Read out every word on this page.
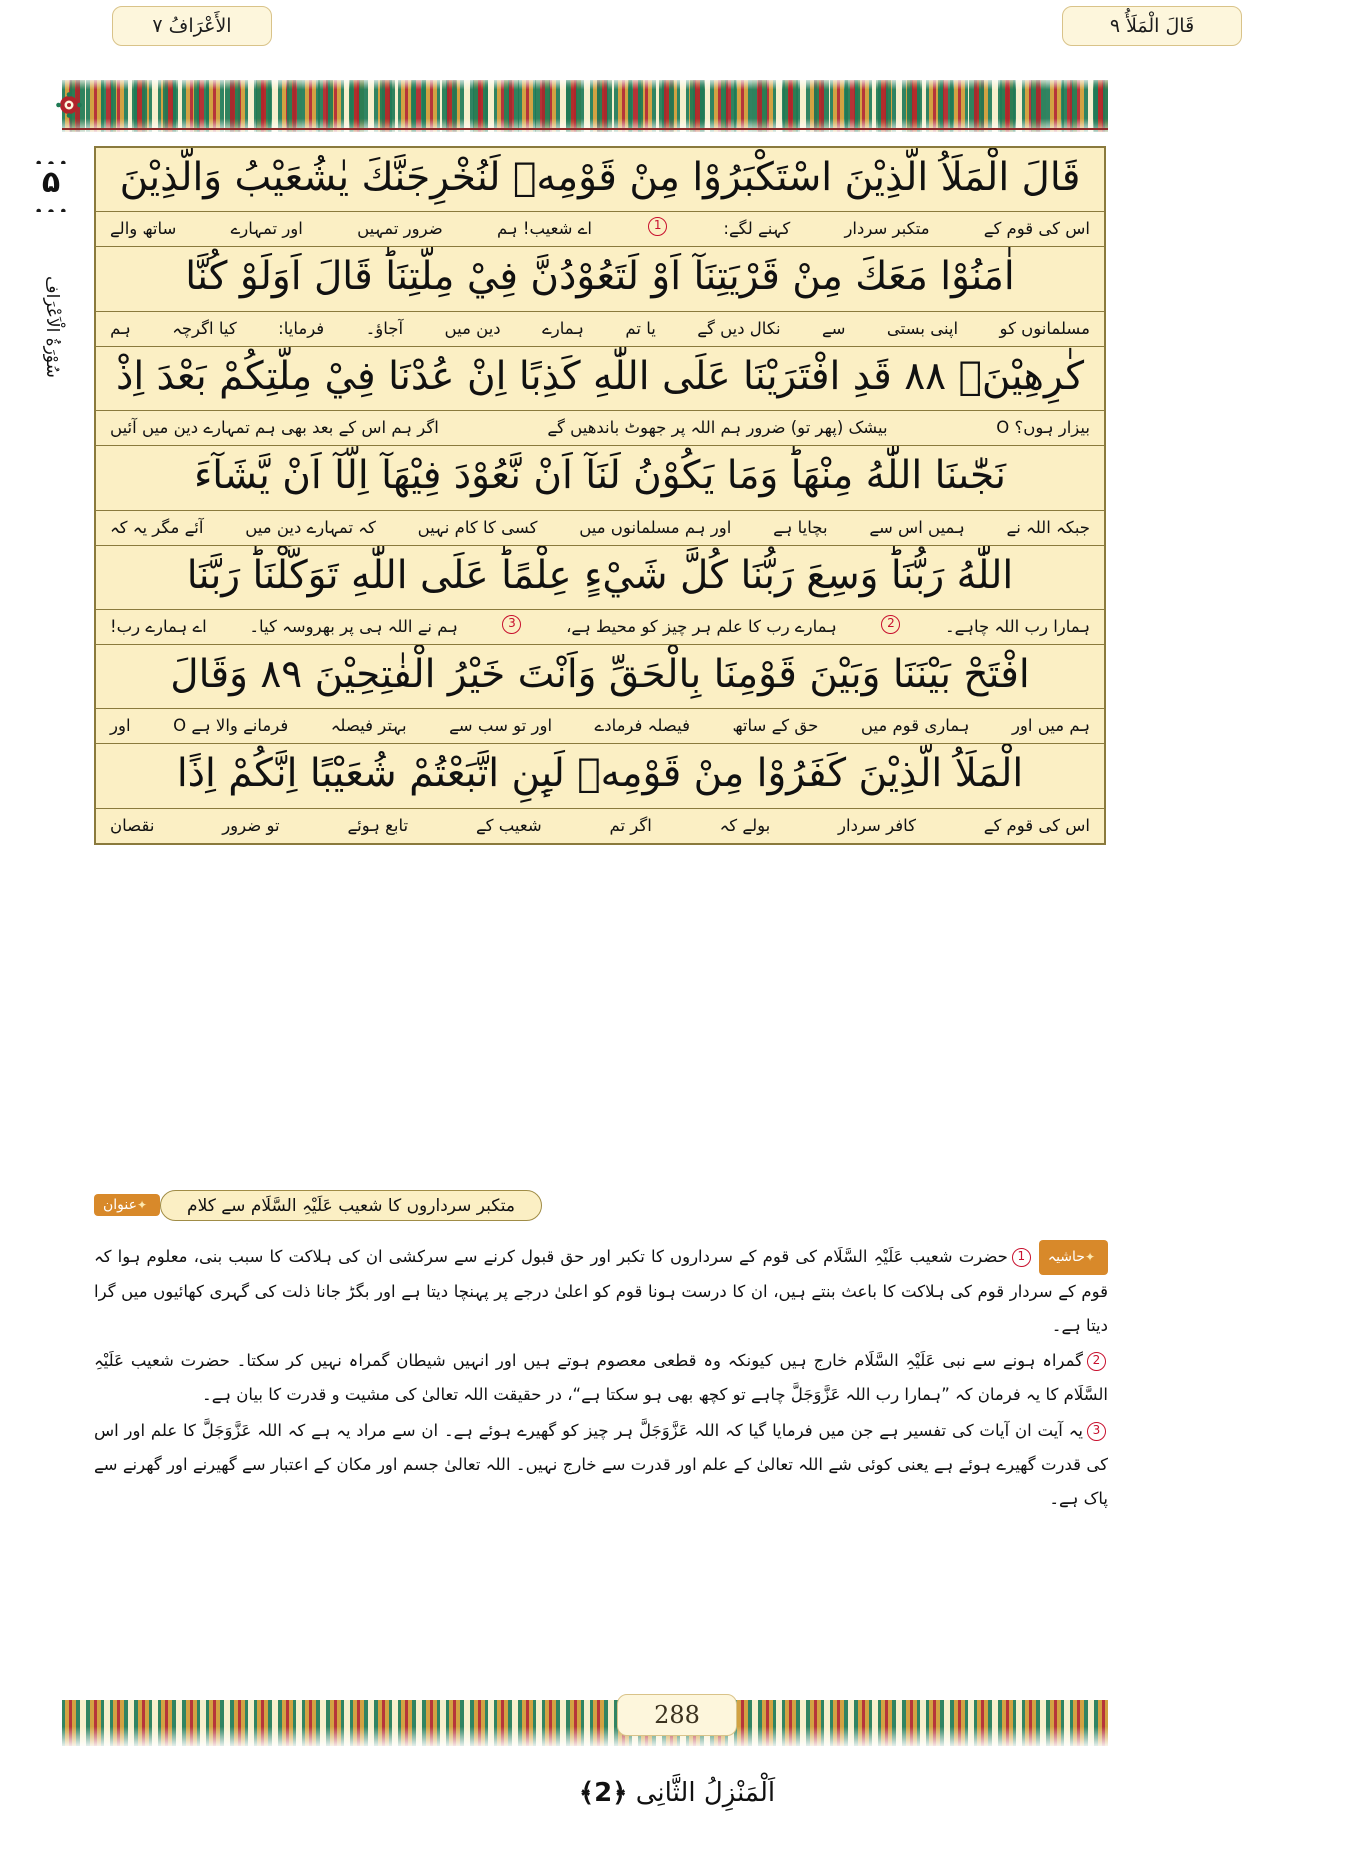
الأَعْرَافُ ٧	قَالَ الْمَلَأُ ٩
۵
سُوْرَةُ الْاَعْرَاف
قَالَ الْمَلَاُ الَّذِيْنَ اسْتَكْبَرُوْا مِنْ قَوْمِهٖ لَنُخْرِجَنَّكَ يٰشُعَيْبُ وَالَّذِيْنَ
اس کی قوم کے
متکبر سردار
کہنے لگے:
1
اے شعیب! ہم
ضرور تمہیں
اور تمہارے
ساتھ والے
اٰمَنُوْا مَعَكَ مِنْ قَرْيَتِنَآ اَوْ لَتَعُوْدُنَّ فِيْ مِلَّتِنَاؕ قَالَ اَوَلَوْ كُنَّا
مسلمانوں کو
اپنی بستی
سے
نکال دیں گے
یا تم
ہمارے
دین میں
آجاؤ۔
فرمایا:
کیا اگرچہ
ہم
كٰرِهِيْنَ۠ ۸۸ قَدِ افْتَرَيْنَا عَلَى اللّٰهِ كَذِبًا اِنْ عُدْنَا فِيْ مِلَّتِكُمْ بَعْدَ اِذْ
بیزار ہوں؟ O
بیشک (پھر تو) ضرور ہم اللہ پر جھوٹ باندھیں گے
اگر ہم اس کے بعد بھی ہم تمہارے دین میں آئیں
نَجّٰىنَا اللّٰهُ مِنْهَاؕ وَمَا يَكُوْنُ لَنَآ اَنْ نَّعُوْدَ فِيْهَآ اِلَّآ اَنْ يَّشَآءَ
جبکہ اللہ نے
ہمیں اس سے
بچایا ہے
اور ہم مسلمانوں میں
کسی کا کام نہیں
کہ تمہارے دین میں
آئے مگر یہ کہ
اللّٰهُ رَبُّنَاؕ وَسِعَ رَبُّنَا كُلَّ شَيْءٍ عِلْمًاؕ عَلَى اللّٰهِ تَوَكَّلْنَاؕ رَبَّنَا
ہمارا رب اللہ چاہے۔
2
ہمارے رب کا علم ہر چیز کو محیط ہے،
3
ہم نے اللہ ہی پر بھروسہ کیا۔
اے ہمارے رب!
افْتَحْ بَيْنَنَا وَبَيْنَ قَوْمِنَا بِالْحَقِّ وَاَنْتَ خَيْرُ الْفٰتِحِيْنَ ۸۹ وَقَالَ
ہم میں اور
ہماری قوم میں
حق کے ساتھ
فیصلہ فرمادے
اور تو سب سے
بہتر فیصلہ
فرمانے والا ہے O
اور
الْمَلَاُ الَّذِيْنَ كَفَرُوْا مِنْ قَوْمِهٖ لَىِٕنِ اتَّبَعْتُمْ شُعَيْبًا اِنَّكُمْ اِذًا
اس کی قوم کے
کافر سردار
بولے کہ
اگر تم
شعیب کے
تابع ہوئے
تو ضرور
نقصان
✦عنوان	متکبر سرداروں کا شعیب عَلَیْہِ السَّلَام سے کلام

✦حاشیہ1حضرت شعیب عَلَیْہِ السَّلَام کی قوم کے سرداروں کا تکبر اور حق قبول کرنے سے سرکشی ان کی ہلاکت کا سبب بنی، معلوم ہوا کہ قوم کے سردار قوم کی ہلاکت کا باعث بنتے ہیں، ان کا درست ہونا قوم کو اعلیٰ درجے پر پہنچا دیتا ہے اور بگڑ جانا ذلت کی گہری کھائیوں میں گرا دیتا ہے۔

2گمراہ ہونے سے نبی عَلَیْہِ السَّلَام خارج ہیں کیونکہ وہ قطعی معصوم ہوتے ہیں اور انہیں شیطان گمراہ نہیں کر سکتا۔ حضرت شعیب عَلَیْہِ السَّلَام کا یہ فرمان کہ ”ہمارا رب اللہ عَزَّوَجَلَّ چاہے تو کچھ بھی ہو سکتا ہے“، در حقیقت اللہ تعالیٰ کی مشیت و قدرت کا بیان ہے۔

3یہ آیت ان آیات کی تفسیر ہے جن میں فرمایا گیا کہ اللہ عَزَّوَجَلَّ ہر چیز کو گھیرے ہوئے ہے۔ ان سے مراد یہ ہے کہ اللہ عَزَّوَجَلَّ کا علم اور اس کی قدرت گھیرے ہوئے ہے یعنی کوئی شے اللہ تعالیٰ کے علم اور قدرت سے خارج نہیں۔ اللہ تعالیٰ جسم اور مکان کے اعتبار سے گھیرنے اور گھرنے سے پاک ہے۔

288
اَلْمَنْزِلُ الثَّانِی ﴿2﴾
